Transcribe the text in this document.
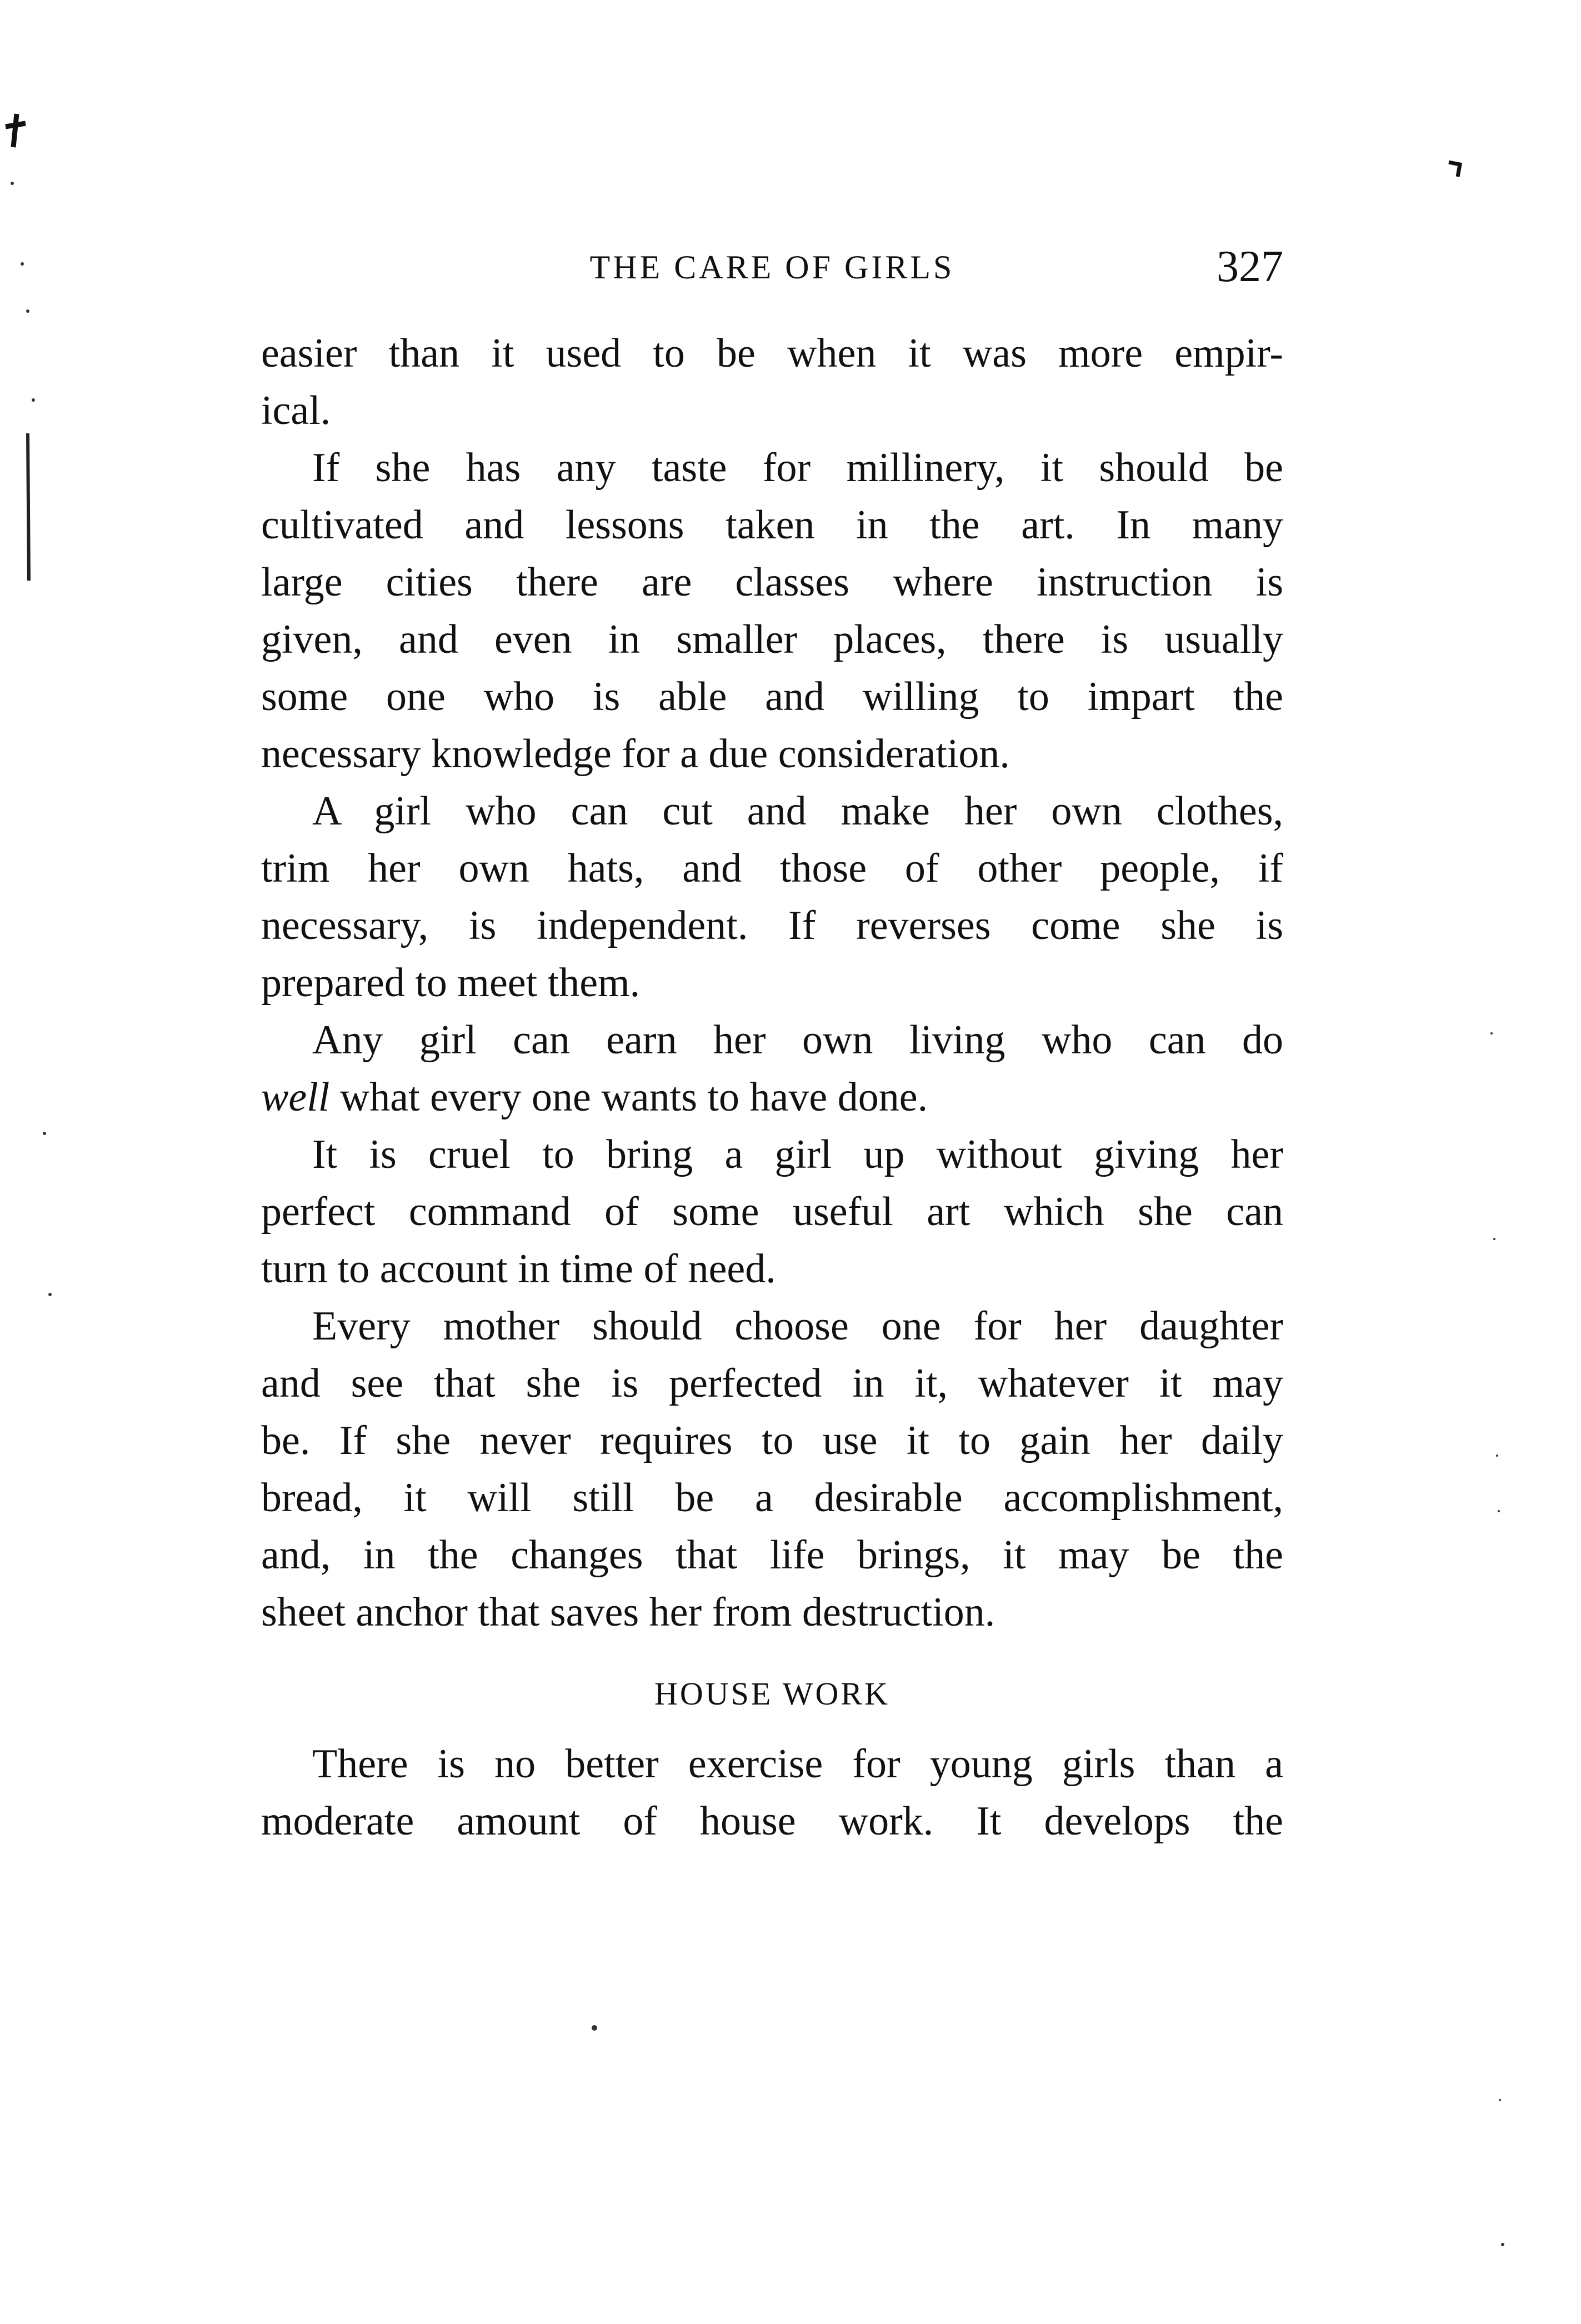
THE CARE OF GIRLS	327
easier than it used to be when it was more empir-
ical.
If she has any taste for millinery, it should be
cultivated and lessons taken in the art. In many
large cities there are classes where instruction is
given, and even in smaller places, there is usually
some one who is able and willing to impart the
necessary knowledge for a due consideration.
A girl who can cut and make her own clothes,
trim her own hats, and those of other people, if
necessary, is independent. If reverses come she is
prepared to meet them.
Any girl can earn her own living who can do
well what every one wants to have done.
It is cruel to bring a girl up without giving her
perfect command of some useful art which she can
turn to account in time of need.
Every mother should choose one for her daughter
and see that she is perfected in it, whatever it may
be. If she never requires to use it to gain her daily
bread, it will still be a desirable accomplishment,
and, in the changes that life brings, it may be the
sheet anchor that saves her from destruction.
HOUSE WORK
There is no better exercise for young girls than a
moderate amount of house work. It develops the
